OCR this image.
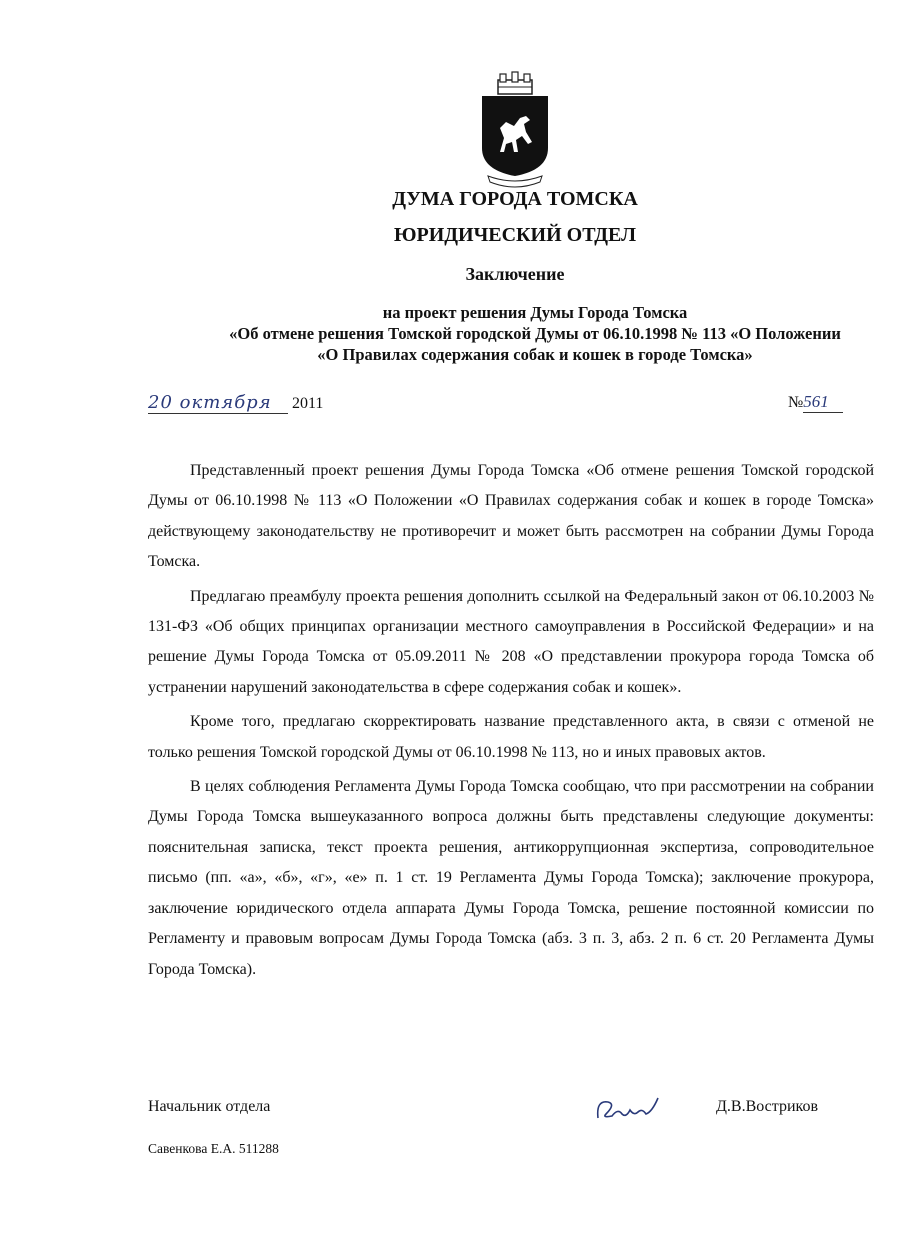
ДУМА ГОРОДА ТОМСКА
ЮРИДИЧЕСКИЙ ОТДЕЛ
Заключение
на проект решения Думы Города Томска
«Об отмене решения Томской городской Думы от 06.10.1998 № 113 «О Положении
«О Правилах содержания собак и кошек в городе Томска»
20 октября 2011	№561

Представленный проект решения Думы Города Томска «Об отмене решения Томской городской Думы от 06.10.1998 № 113 «О Положении «О Правилах содержания собак и кошек в городе Томска» действующему законодательству не противоречит и может быть рассмотрен на собрании Думы Города Томска.

Предлагаю преамбулу проекта решения дополнить ссылкой на Федеральный закон от 06.10.2003 № 131-ФЗ «Об общих принципах организации местного самоуправления в Российской Федерации» и на решение Думы Города Томска от 05.09.2011 № 208 «О представлении прокурора города Томска об устранении нарушений законодательства в сфере содержания собак и кошек».

Кроме того, предлагаю скорректировать название представленного акта, в связи с отменой не только решения Томской городской Думы от 06.10.1998 № 113, но и иных правовых актов.

В целях соблюдения Регламента Думы Города Томска сообщаю, что при рассмотрении на собрании Думы Города Томска вышеуказанного вопроса должны быть представлены следующие документы: пояснительная записка, текст проекта решения, антикоррупционная экспертиза, сопроводительное письмо (пп. «а», «б», «г», «е» п. 1 ст. 19 Регламента Думы Города Томска); заключение прокурора, заключение юридического отдела аппарата Думы Города Томска, решение постоянной комиссии по Регламенту и правовым вопросам Думы Города Томска (абз. 3 п. 3, абз. 2 п. 6 ст. 20 Регламента Думы Города Томска).

Начальник отдела	Д.В.Востриков
Савенкова Е.А. 511288
